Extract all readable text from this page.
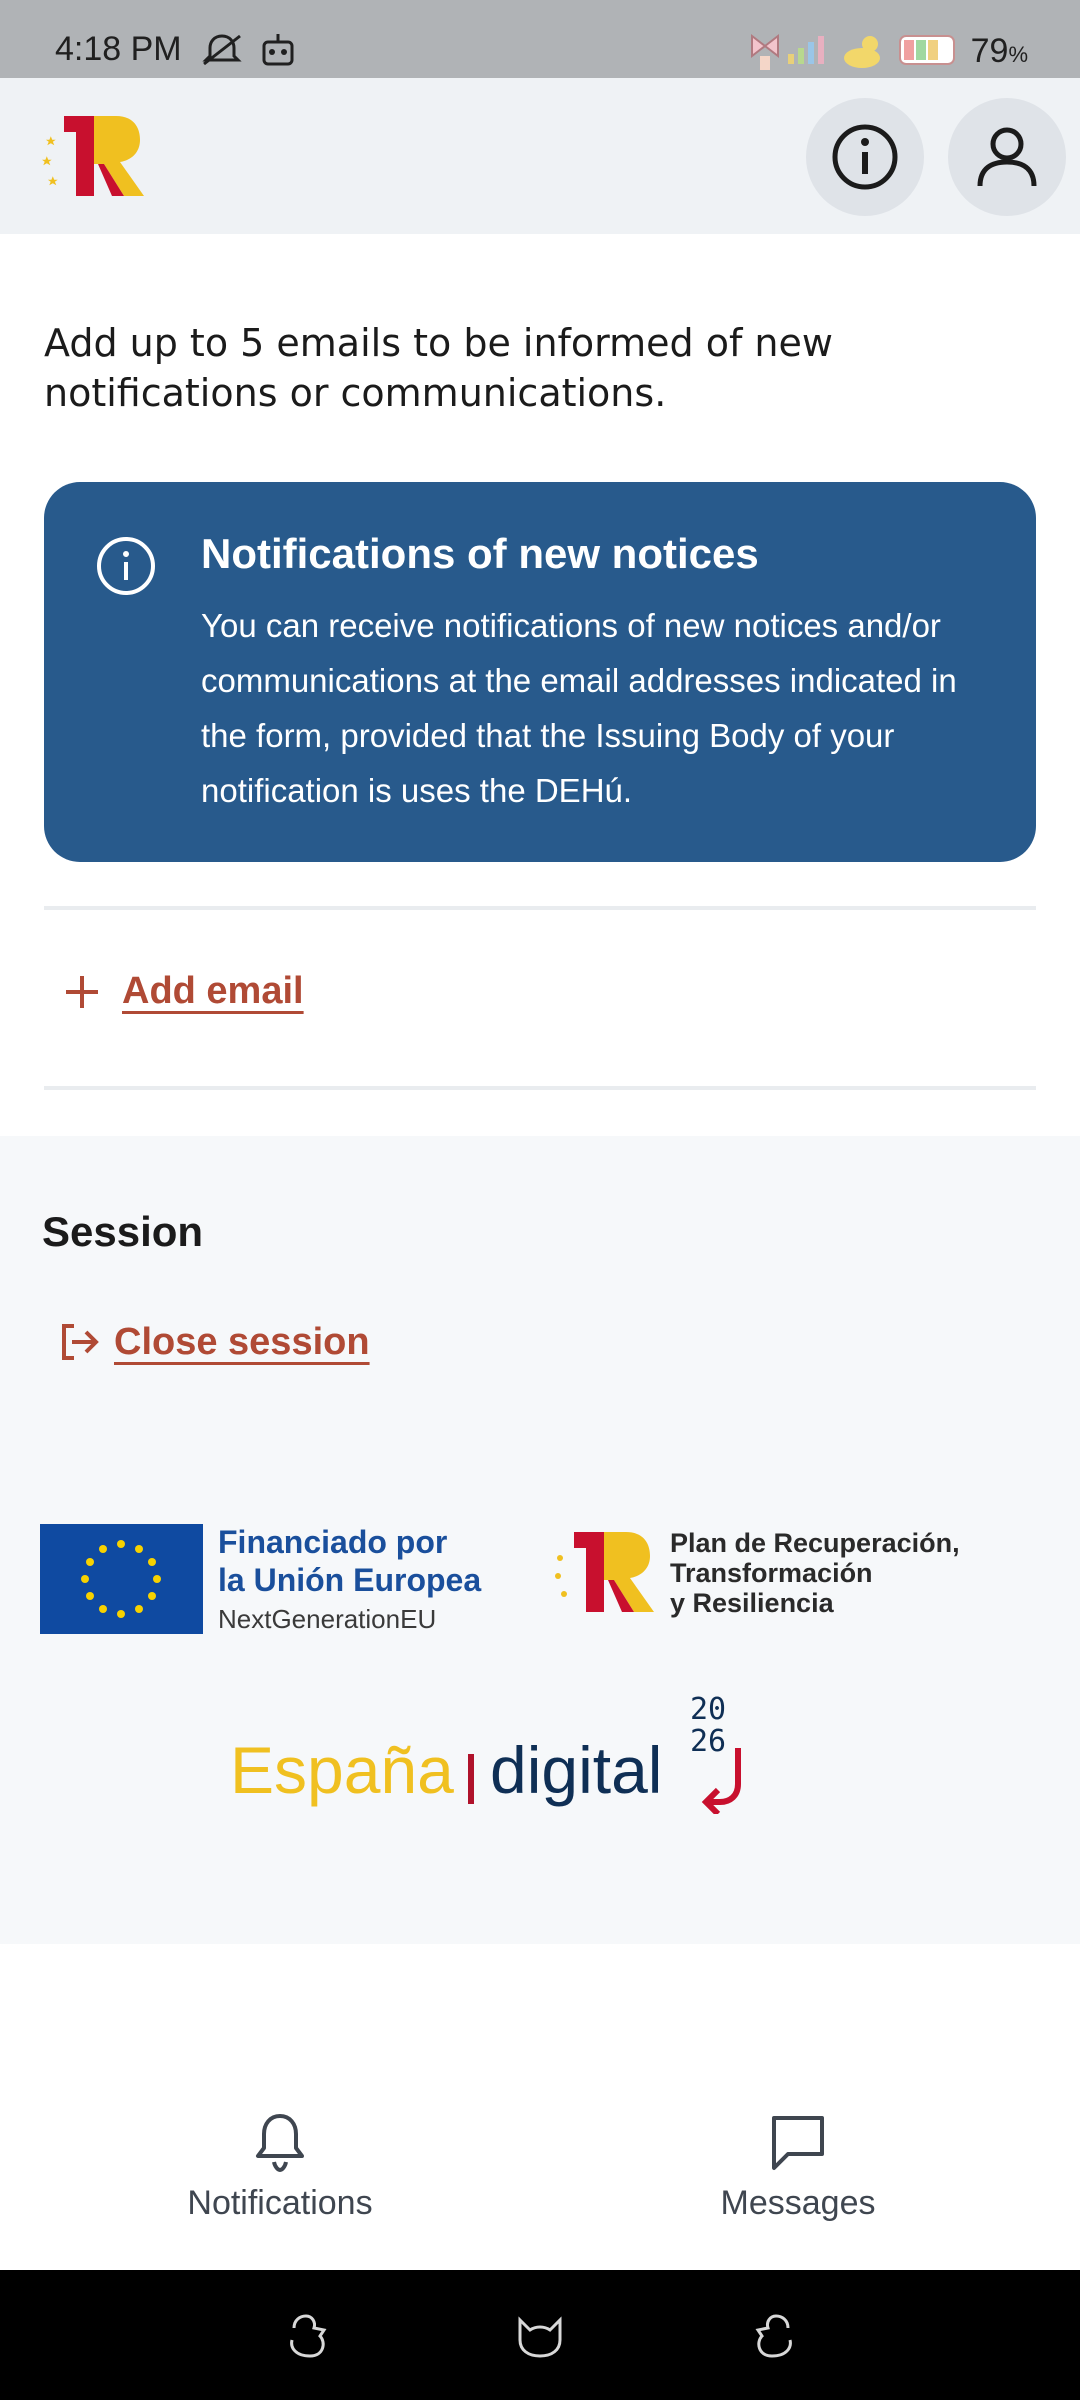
4:18 PM	79%

Add up to 5 emails to be informed of new notifications or communications.

Notifications of new notices
You can receive notifications of new notices and/or communications at the email addresses indicated in the form, provided that the Issuing Body of your notification is uses the DEHú.
Add email
Session
Close session
Financiado por
la Unión Europea
NextGenerationEU
Plan de Recuperación,
Transformación
y Resiliencia
España digital
20
26
Notifications	Messages
